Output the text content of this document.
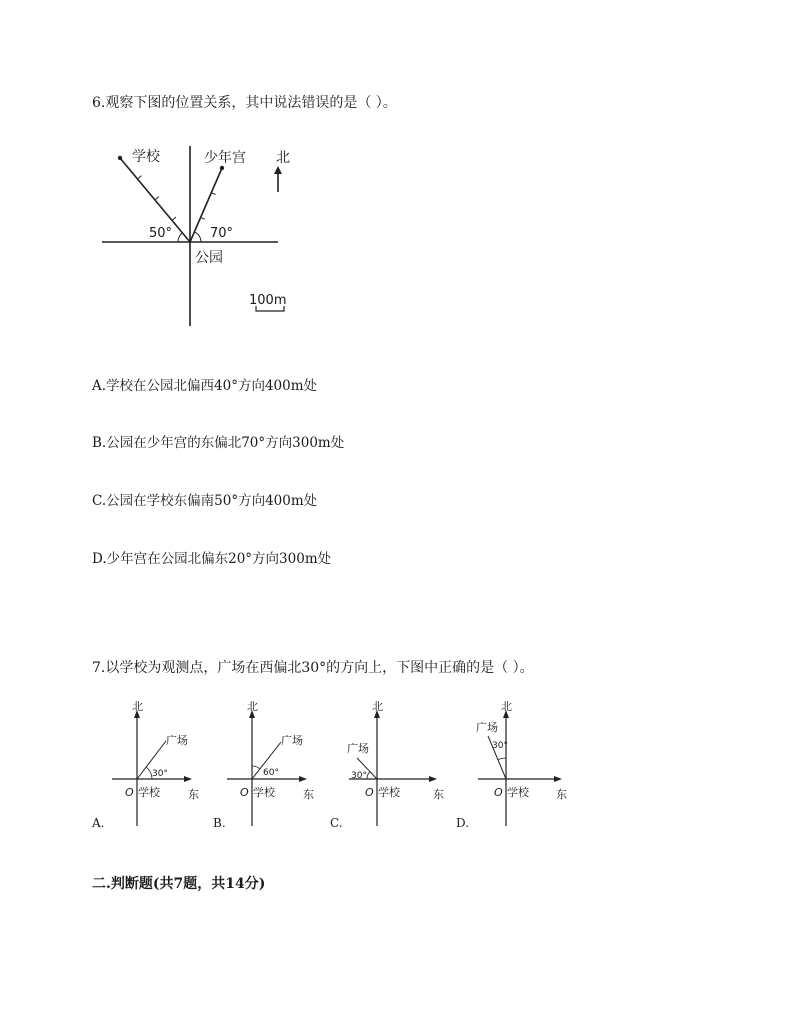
6.观察下图的位置关系，其中说法错误的是（ ）。
学校	少年宫 北
50°	70°
公园
100m
A.学校在公园北偏西40°方向400m处
B.公园在少年宫的东偏北70°方向300m处
C.公园在学校东偏南50°方向400m处
D.少年宫在公园北偏东20°方向300m处
7.以学校为观测点，广场在西偏北30°的方向上，下图中正确的是（ ）。
北
东
O 学校
广场
30°
A.
北
东
O 学校
广场
60°
B.
北
东
O 学校
广场
30°
C.
北
东
O 学校
广场
30°
D.
二.判断题(共7题，共14分)
